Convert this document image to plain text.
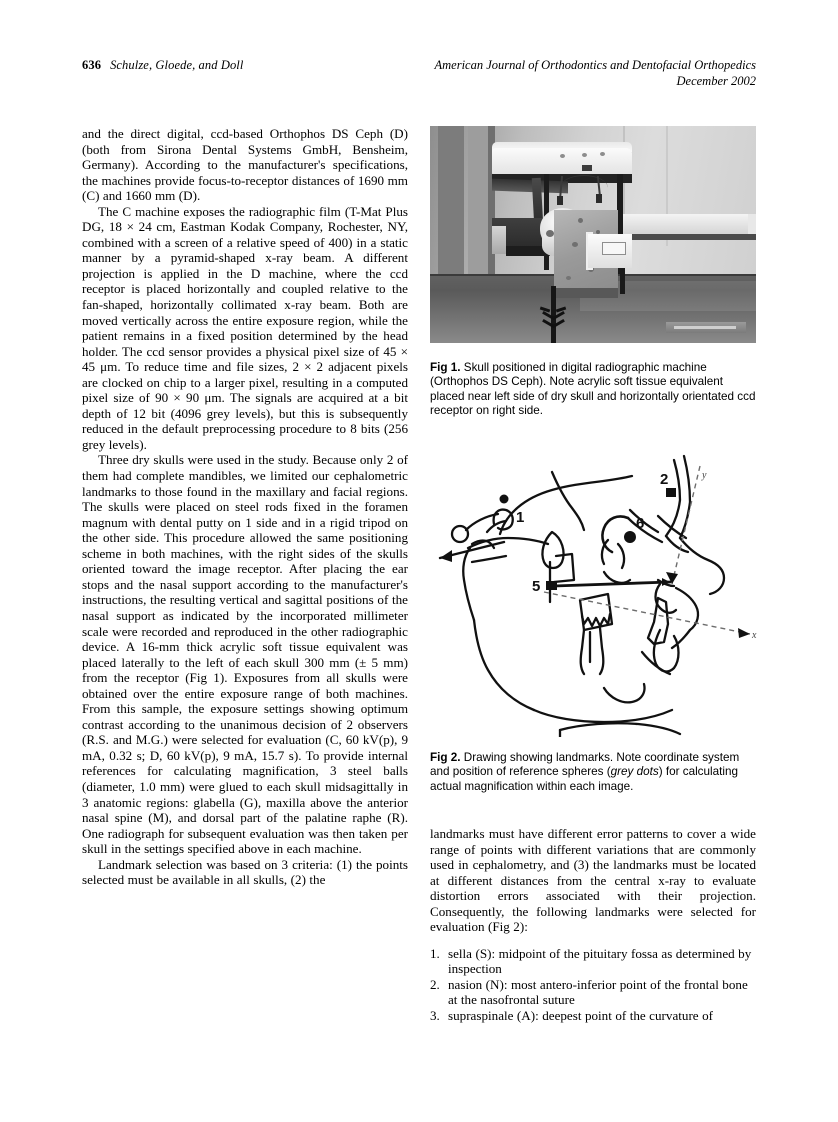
636 Schulze, Gloede, and Doll	American Journal of Orthodontics and Dentofacial Orthopedics
December 2002

and the direct digital, ccd-based Orthophos DS Ceph (D) (both from Sirona Dental Systems GmbH, Bensheim, Germany). According to the manufacturer's specifications, the machines provide focus-to-receptor distances of 1690 mm (C) and 1660 mm (D).

The C machine exposes the radiographic film (T-Mat Plus DG, 18 × 24 cm, Eastman Kodak Company, Rochester, NY, combined with a screen of a relative speed of 400) in a static manner by a pyramid-shaped x-ray beam. A different projection is applied in the D machine, where the ccd receptor is placed horizontally and coupled relative to the fan-shaped, horizontally collimated x-ray beam. Both are moved vertically across the entire exposure region, while the patient remains in a fixed position determined by the head holder. The ccd sensor provides a physical pixel size of 45 × 45 μm. To reduce time and file sizes, 2 × 2 adjacent pixels are clocked on chip to a larger pixel, resulting in a computed pixel size of 90 × 90 μm. The signals are acquired at a bit depth of 12 bit (4096 grey levels), but this is subsequently reduced in the default preprocessing procedure to 8 bits (256 grey levels).

Three dry skulls were used in the study. Because only 2 of them had complete mandibles, we limited our cephalometric landmarks to those found in the maxillary and facial regions. The skulls were placed on steel rods fixed in the foramen magnum with dental putty on 1 side and in a rigid tripod on the other side. This procedure allowed the same positioning scheme in both machines, with the right sides of the skulls oriented toward the image receptor. After placing the ear stops and the nasal support according to the manufacturer's instructions, the resulting vertical and sagittal positions of the nasal support as indicated by the incorporated millimeter scale were recorded and reproduced in the other radiographic device. A 16-mm thick acrylic soft tissue equivalent was placed laterally to the left of each skull 300 mm (± 5 mm) from the receptor (Fig 1). Exposures from all skulls were obtained over the entire exposure range of both machines. From this sample, the exposure settings showing optimum contrast according to the unanimous decision of 2 observers (R.S. and M.G.) were selected for evaluation (C, 60 kV(p), 9 mA, 0.32 s; D, 60 kV(p), 9 mA, 15.7 s). To provide internal references for calculating magnification, 3 steel balls (diameter, 1.0 mm) were glued to each skull midsagittally in 3 anatomic regions: glabella (G), maxilla above the anterior nasal spine (M), and dorsal part of the palatine raphe (R). One radiograph for subsequent evaluation was then taken per skull in the settings specified above in each machine.

Landmark selection was based on 3 criteria: (1) the points selected must be available in all skulls, (2) the

Fig 1. Skull positioned in digital radiographic machine (Orthophos DS Ceph). Note acrylic soft tissue equivalent placed near left side of dry skull and horizontally orientated ccd receptor on right side.
1
2
5
6
x
y
Fig 2. Drawing showing landmarks. Note coordinate system and position of reference spheres (grey dots) for calculating actual magnification within each image.

landmarks must have different error patterns to cover a wide range of points with different variations that are commonly used in cephalometry, and (3) the landmarks must be located at different distances from the central x-ray to evaluate distortion errors associated with their projection. Consequently, the following landmarks were selected for evaluation (Fig 2):

1. sella (S): midpoint of the pituitary fossa as determined by inspection
2. nasion (N): most antero-inferior point of the frontal bone at the nasofrontal suture
3. supraspinale (A): deepest point of the curvature of
